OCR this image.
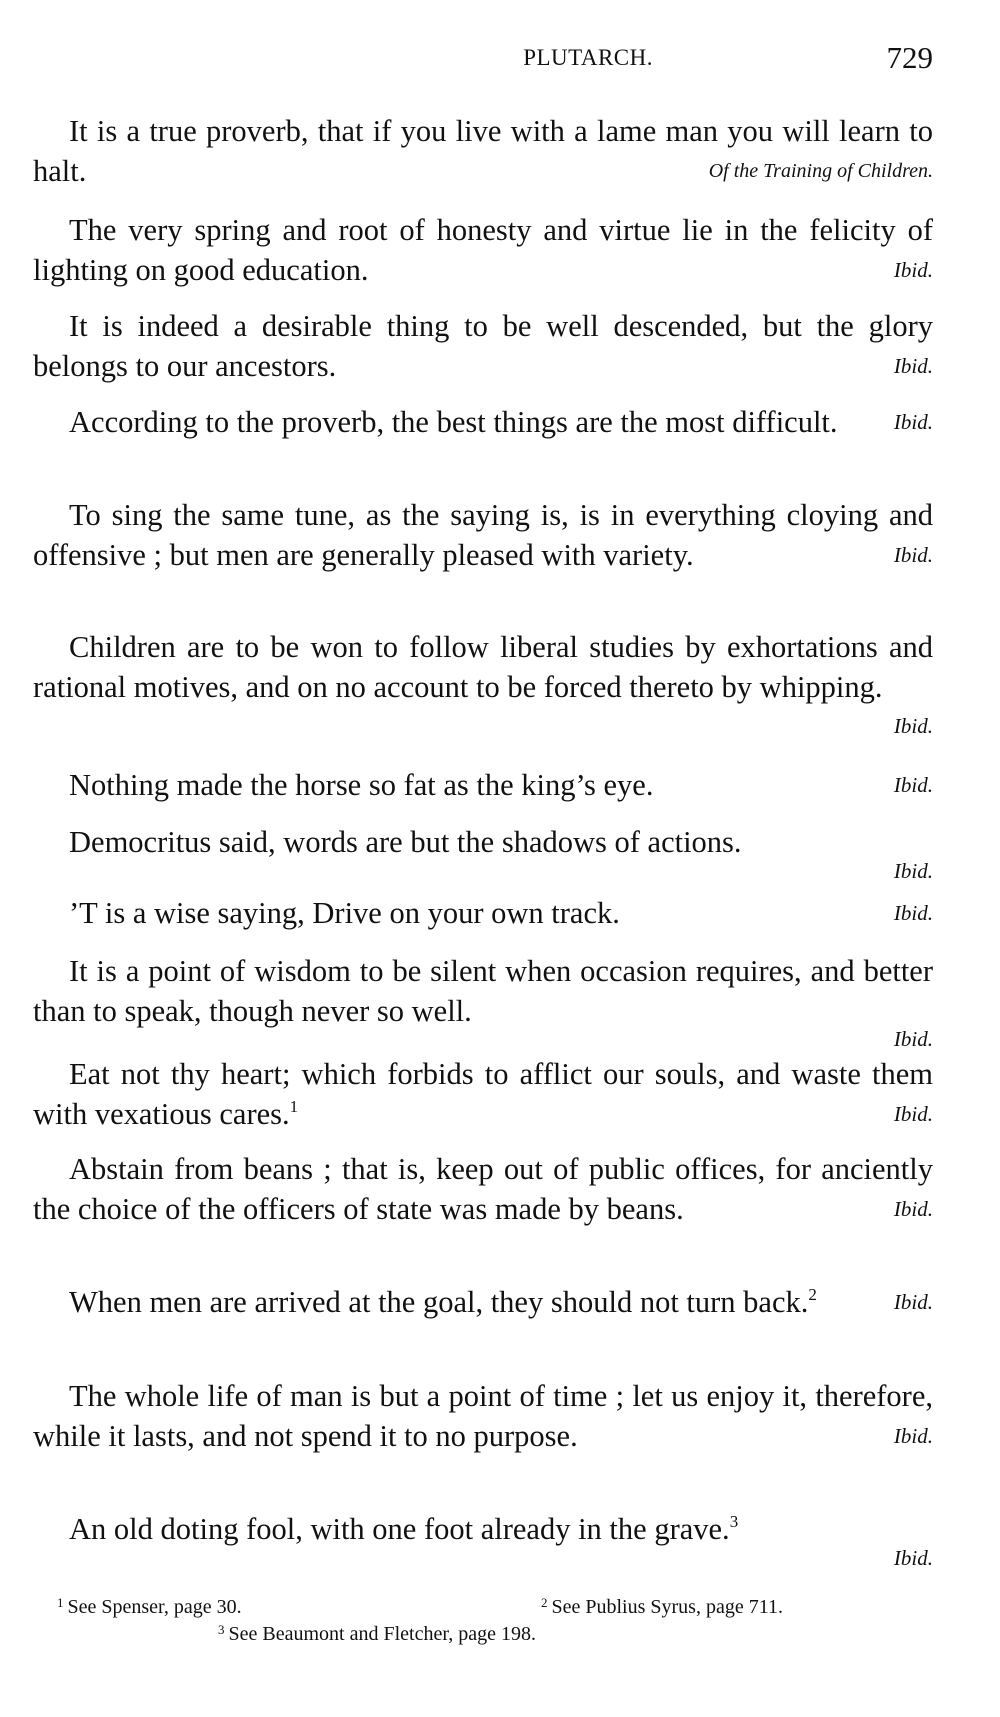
PLUTARCH.	729
It is a true proverb, that if you live with a lame man you will learn to halt.	Of the Training of Children.
The very spring and root of honesty and virtue lie in the felicity of lighting on good education.	Ibid.
It is indeed a desirable thing to be well descended, but the glory belongs to our ancestors.	Ibid.
According to the proverb, the best things are the most difficult.	Ibid.
To sing the same tune, as the saying is, is in everything cloying and offensive ; but men are generally pleased with variety.	Ibid.
Children are to be won to follow liberal studies by exhortations and rational motives, and on no account to be forced thereto by whipping.
Ibid.
Nothing made the horse so fat as the king’s eye.	Ibid.
Democritus said, words are but the shadows of actions.
Ibid.
’T is a wise saying, Drive on your own track.	Ibid.
It is a point of wisdom to be silent when occasion requires, and better than to speak, though never so well.
Ibid.
Eat not thy heart; which forbids to afflict our souls, and waste them with vexatious cares.$^1$	Ibid.
Abstain from beans ; that is, keep out of public offices, for anciently the choice of the officers of state was made by beans.	Ibid.
When men are arrived at the goal, they should not turn back.$^2$	Ibid.
The whole life of man is but a point of time ; let us enjoy it, therefore, while it lasts, and not spend it to no purpose.	Ibid.
An old doting fool, with one foot already in the grave.$^3$
Ibid.
$^1$ See Spenser, page 30.	$^2$ See Publius Syrus, page 711.
$^3$ See Beaumont and Fletcher, page 198.
